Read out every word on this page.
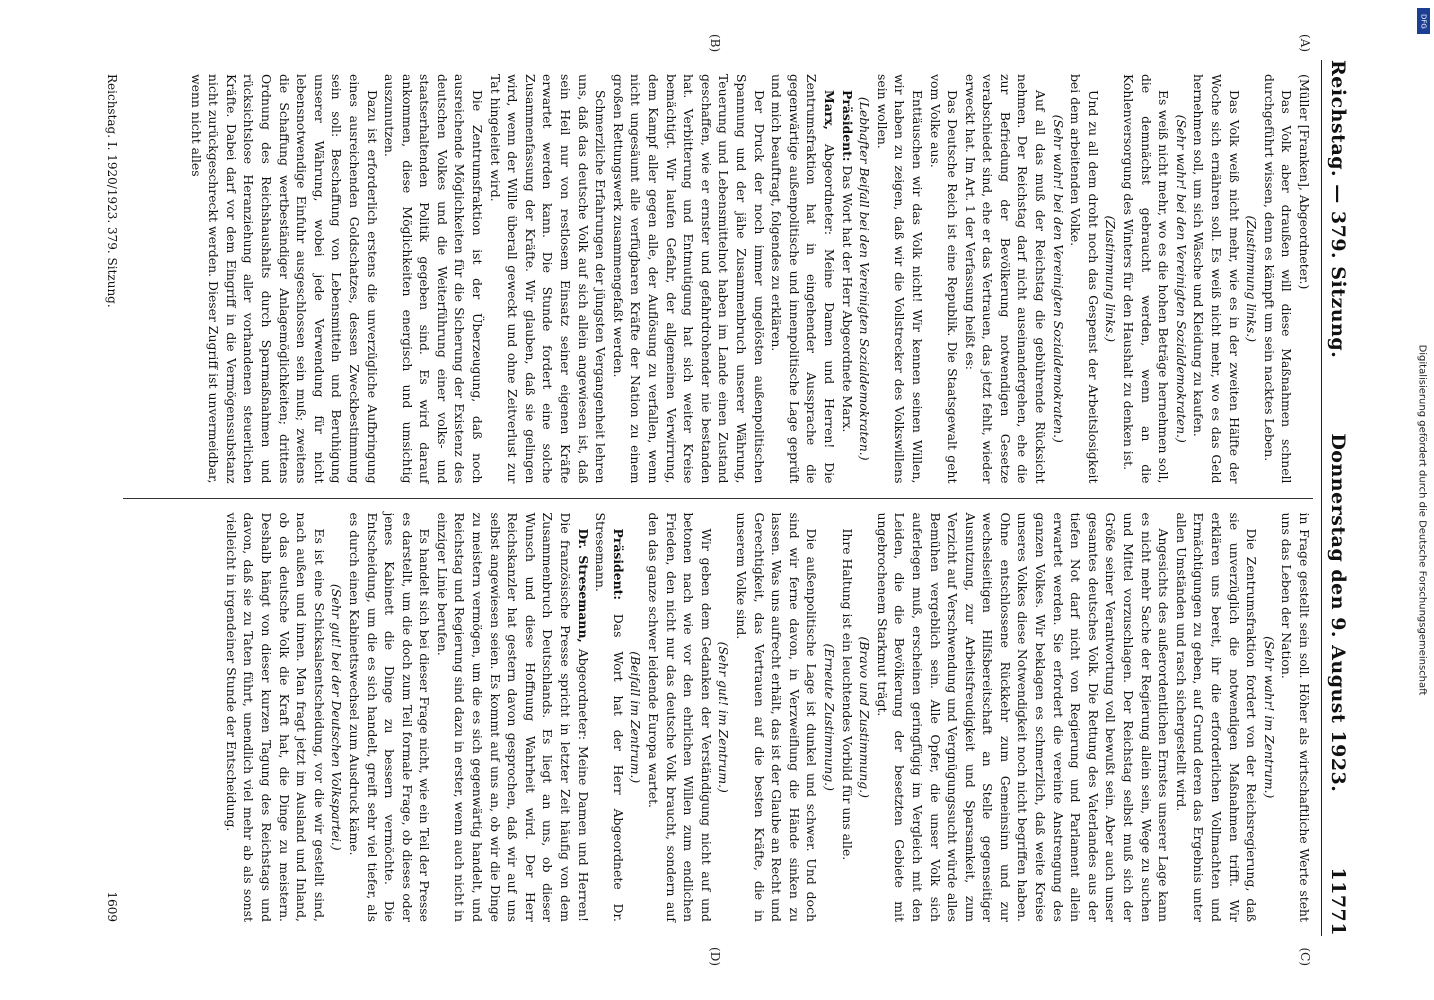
Reichstag. — 379. Sitzung.
Donnerstag den 9. August 1923.
11771
(A)
(B)

(Müller [Franken], Abgeordneter.)

Das Volk aber draußen will diese Maßnahmen schnell durchgeführt wissen, denn es kämpft um sein nacktes Leben.

(Zustimmung links.)

Das Volk weiß nicht mehr, wie es in der zweiten Hälfte der Woche sich ernähren soll. Es weiß nicht mehr, wo es das Geld hernehmen soll, um sich Wäsche und Kleidung zu kaufen.

(Sehr wahr! bei den Vereinigten Sozialdemokraten.)

Es weiß nicht mehr, wo es die hohen Beträge hernehmen soll, die demnächst gebraucht werden, wenn an die Kohlenversorgung des Winters für den Haushalt zu denken ist.

(Zustimmung links.)

Und zu all dem droht noch das Gespenst der Arbeitslosigkeit bei dem arbeitenden Volke.

(Sehr wahr! bei den Vereinigten Sozialdemokraten.)

Auf all das muß der Reichstag die gebührende Rücksicht nehmen. Der Reichstag darf nicht auseinandergehen, ehe die zur Befriedung der Bevölkerung notwendigen Gesetze verabschiedet sind, ehe er das Vertrauen, das jetzt fehlt, wieder erweckt hat. Im Art. 1 der Verfassung heißt es:

Das Deutsche Reich ist eine Republik. Die Staatsgewalt geht vom Volke aus.

Enttäuschen wir das Volk nicht! Wir kennen seinen Willen, wir haben zu zeigen, daß wir die Vollstrecker des Volkswillens sein wollen.

(Lebhafter Beifall bei den Vereinigten Sozialdemokraten.)

Präsident: Das Wort hat der Herr Abgeordnete Marx.

Marx, Abgeordneter: Meine Damen und Herren! Die Zentrumsfraktion hat in eingehender Aussprache die gegenwärtige außenpolitische und innenpolitische Lage geprüft und mich beauftragt, folgendes zu erklären.

Der Druck der noch immer ungelösten außenpolitischen Spannung und der jähe Zusammenbruch unserer Währung, Teuerung und Lebensmittelnot haben im Lande einen Zustand geschaffen, wie er ernster und gefahrdrohender nie bestanden hat. Verbitterung und Entmutigung hat sich weiter Kreise bemächtigt. Wir laufen Gefahr, der allgemeinen Verwirrung, dem Kampf aller gegen alle, der Auflösung zu verfallen, wenn nicht ungesäumt alle verfügbaren Kräfte der Nation zu einem großen Rettungswerk zusammengefaßt werden.

Schmerzliche Erfahrungen der jüngsten Vergangenheit lehren uns, daß das deutsche Volk auf sich allein angewiesen ist, daß sein Heil nur von restlosem Einsatz seiner eigenen Kräfte erwartet werden kann. Die Stunde fordert eine solche Zusammenfassung der Kräfte. Wir glauben, daß sie gelingen wird, wenn der Wille überall geweckt und ohne Zeitverlust zur Tat hingeleitet wird.

Die Zentrumsfraktion ist der Überzeugung, daß noch ausreichende Möglichkeiten für die Sicherung der Existenz des deutschen Volkes und die Weiterführung einer volks- und staatserhaltenden Politik gegeben sind. Es wird darauf ankommen, diese Möglichkeiten energisch und umsichtig auszunutzen.

Dazu ist erforderlich erstens die unverzügliche Aufbringung eines ausreichenden Goldschatzes, dessen Zweckbestimmung sein soll: Beschaffung von Lebensmitteln und Beruhigung unserer Währung, wobei jede Verwendung für nicht lebensnotwendige Einfuhr ausgeschlossen sein muß; zweitens die Schaffung wertbeständiger Anlagemöglichkeiten; drittens Ordnung des Reichshaushalts durch Sparmaßnahmen und rücksichtslose Heranziehung aller vorhandenen steuerlichen Kräfte. Dabei darf vor dem Eingriff in die Vermögenssubstanz nicht zurückgeschreckt werden. Dieser Zugriff ist unvermeidbar, wenn nicht alles

(C)
(D)

in Frage gestellt sein soll. Höher als wirtschaftliche Werte steht uns das Leben der Nation.

(Sehr wahr! im Zentrum.)

Die Zentrumsfraktion fordert von der Reichsregierung, daß sie unverzüglich die notwendigen Maßnahmen trifft. Wir erklären uns bereit, ihr die erforderlichen Vollmachten und Ermächtigungen zu geben, auf Grund deren das Ergebnis unter allen Umständen und rasch sichergestellt wird.

Angesichts des außerordentlichen Ernstes unserer Lage kann es nicht mehr Sache der Regierung allein sein, Wege zu suchen und Mittel vorzuschlagen. Der Reichstag selbst muß sich der Größe seiner Verantwortung voll bewußt sein. Aber auch unser gesamtes deutsches Volk. Die Rettung des Vaterlandes aus der tiefen Not darf nicht von Regierung und Parlament allein erwartet werden. Sie erfordert die vereinte Anstrengung des ganzen Volkes. Wir beklagen es schmerzlich, daß weite Kreise unseres Volkes diese Notwendigkeit noch nicht begriffen haben. Ohne entschlossene Rückkehr zum Gemeinsinn und zur wechselseitigen Hilfsbereitschaft an Stelle gegenseitiger Ausnutzung, zur Arbeitsfreudigkeit und Sparsamkeit, zum Verzicht auf Verschwendung und Vergnügungssucht würde alles Bemühen vergeblich sein. Alle Opfer, die unser Volk sich auferlegen muß, erscheinen geringfügig im Vergleich mit den Leiden, die die Bevölkerung der besetzten Gebiete mit ungebrochenem Starkmut trägt.

(Bravo und Zustimmung.)

Ihre Haltung ist ein leuchtendes Vorbild für uns alle.

(Erneute Zustimmung.)

Die außenpolitische Lage ist dunkel und schwer. Und doch sind wir ferne davon, in Verzweiflung die Hände sinken zu lassen. Was uns aufrecht erhält, das ist der Glaube an Recht und Gerechtigkeit, das Vertrauen auf die besten Kräfte, die in unserem Volke sind.

(Sehr gut! im Zentrum.)

Wir geben dem Gedanken der Verständigung nicht auf und betonen nach wie vor den ehrlichen Willen zum endlichen Frieden, den nicht nur das deutsche Volk braucht, sondern auf den das ganze schwer leidende Europa wartet.

(Beifall im Zentrum.)

Präsident: Das Wort hat der Herr Abgeordnete Dr. Stresemann.

Dr. Stresemann, Abgeordneter: Meine Damen und Herren! Die französische Presse spricht in letzter Zeit häufig von dem Zusammenbruch Deutschlands. Es liegt an uns, ob dieser Wunsch und diese Hoffnung Wahrheit wird. Der Herr Reichskanzler hat gestern davon gesprochen, daß wir auf uns selbst angewiesen seien. Es kommt auf uns an, ob wir die Dinge zu meistern vermögen, um die es sich gegenwärtig handelt, und Reichstag und Regierung sind dazu in erster, wenn auch nicht in einziger Linie berufen.

Es handelt sich bei dieser Frage nicht, wie ein Teil der Presse es darstellt, um die doch zum Teil formale Frage, ob dieses oder jenes Kabinett die Dinge zu bessern vermöchte. Die Entscheidung, um die es sich handelt, greift sehr viel tiefer, als es durch einen Kabinettswechsel zum Ausdruck käme.

(Sehr gut! bei der Deutschen Volkspartei.)

Es ist eine Schicksalsentscheidung, vor die wir gestellt sind, nach außen und innen. Man fragt jetzt im Ausland und Inland, ob das deutsche Volk die Kraft hat, die Dinge zu meistern. Deshalb hängt von dieser kurzen Tagung des Reichstags und davon, daß sie zu Taten führt, unendlich viel mehr ab als sonst vielleicht in irgendeiner Stunde der Entscheidung.

Reichstag. I. 1920/1923. 379. Sitzung.
1609
DFG
Digitalisierung gefördert durch die Deutsche Forschungsgemeinschaft
